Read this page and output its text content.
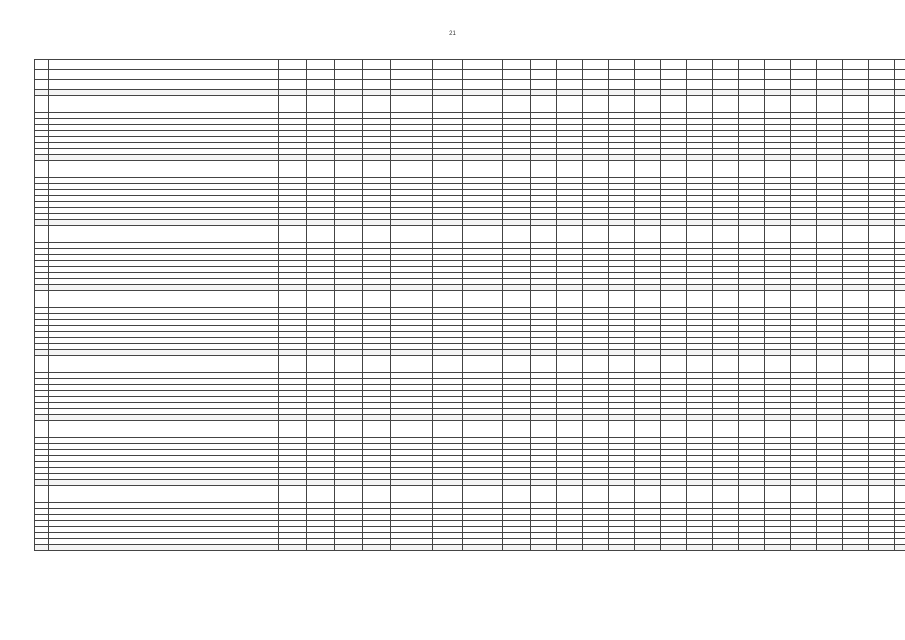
21
